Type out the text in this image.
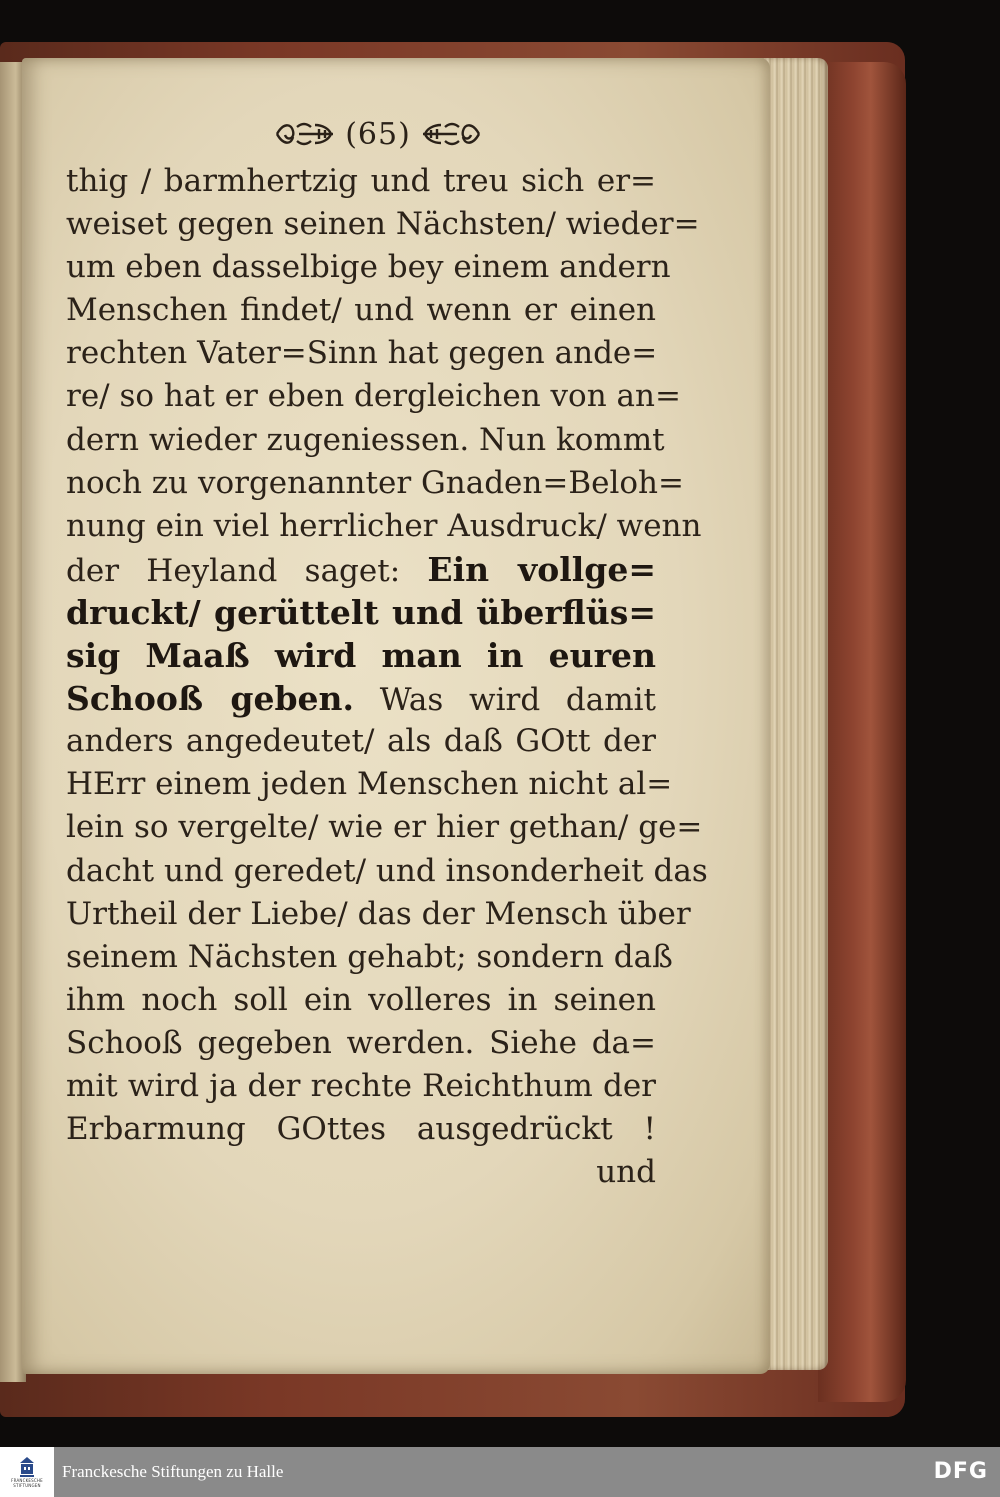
(65)
thig / barmhertzig und treu sich er=
weiset gegen seinen Nächsten/ wieder=
um eben dasselbige bey einem andern
Menschen findet/ und wenn er einen
rechten Vater=Sinn hat gegen ande=
re/ so hat er eben dergleichen von an=
dern wieder zugeniessen. Nun kommt
noch zu vorgenannter Gnaden=Beloh=
nung ein viel herrlicher Ausdruck/ wenn
der Heyland saget: Ein vollge=
druckt/ gerüttelt und überflüs=
sig Maaß wird man in euren
Schooß geben. Was wird damit
anders angedeutet/ als daß GOtt der
HErr einem jeden Menschen nicht al=
lein so vergelte/ wie er hier gethan/ ge=
dacht und geredet/ und insonderheit das
Urtheil der Liebe/ das der Mensch über
seinem Nächsten gehabt; sondern daß
ihm noch soll ein volleres in seinen
Schooß gegeben werden. Siehe da=
mit wird ja der rechte Reichthum der
Erbarmung GOttes ausgedrückt !
und
FRANCKESCHE
STIFTUNGEN
Franckesche Stiftungen zu Halle	DFG
